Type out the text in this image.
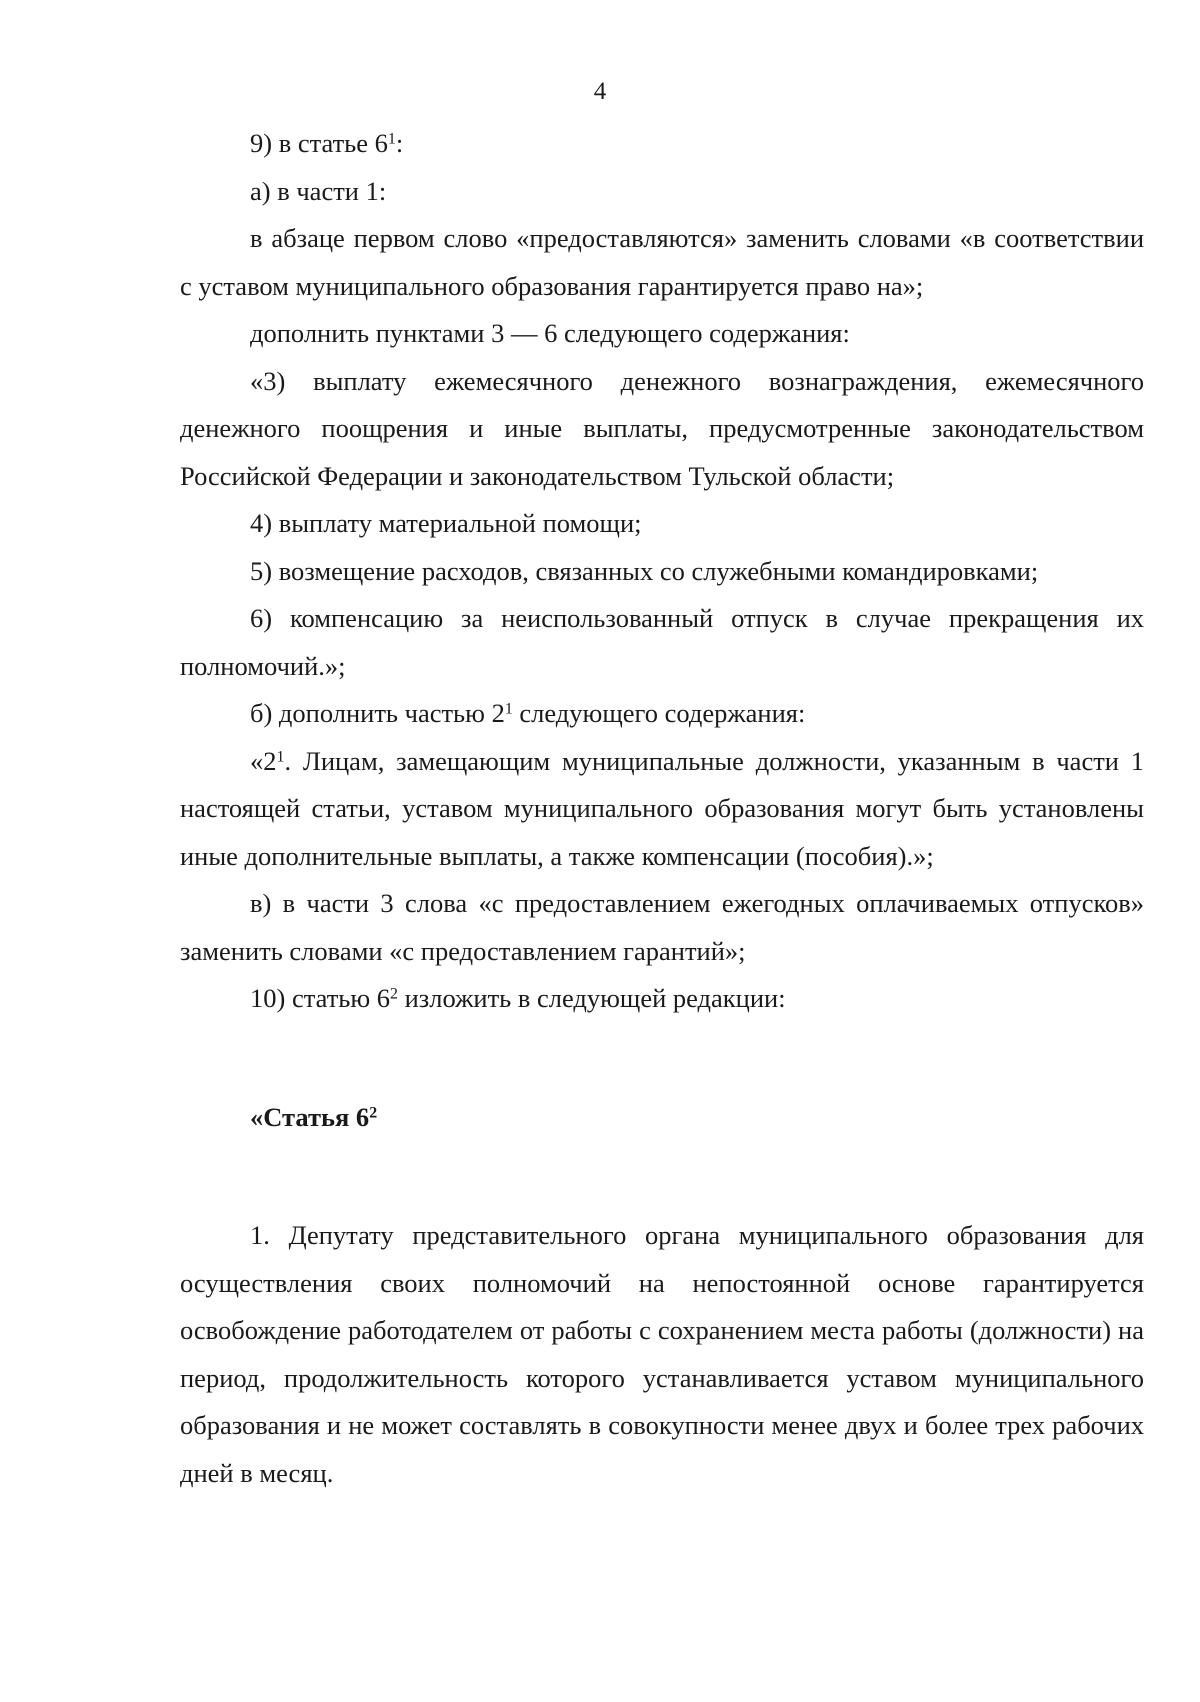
4

9) в статье $6^1$:

а) в части 1:

в абзаце первом слово «предоставляются» заменить словами «в соответствии с уставом муниципального образования гарантируется право на»;

дополнить пунктами 3 — 6 следующего содержания:

«3) выплату ежемесячного денежного вознаграждения, ежемесячного денежного поощрения и иные выплаты, предусмотренные законодательством Российской Федерации и законодательством Тульской области;

4) выплату материальной помощи;

5) возмещение расходов, связанных со служебными командировками;

6) компенсацию за неиспользованный отпуск в случае прекращения их полномочий.»;

б) дополнить частью $2^1$ следующего содержания:

«$2^1$. Лицам, замещающим муниципальные должности, указанным в части 1 настоящей статьи, уставом муниципального образования могут быть установлены иные дополнительные выплаты, а также компенсации (пособия).»;

в) в части 3 слова «с предоставлением ежегодных оплачиваемых отпусков» заменить словами «с предоставлением гарантий»;

10) статью $6^2$ изложить в следующей редакции:

«Статья $6^2$

1. Депутату представительного органа муниципального образования для осуществления своих полномочий на непостоянной основе гарантируется освобождение работодателем от работы с сохранением места работы (должности) на период, продолжительность которого устанавливается уставом муниципального образования и не может составлять в совокупности менее двух и более трех рабочих дней в месяц.
